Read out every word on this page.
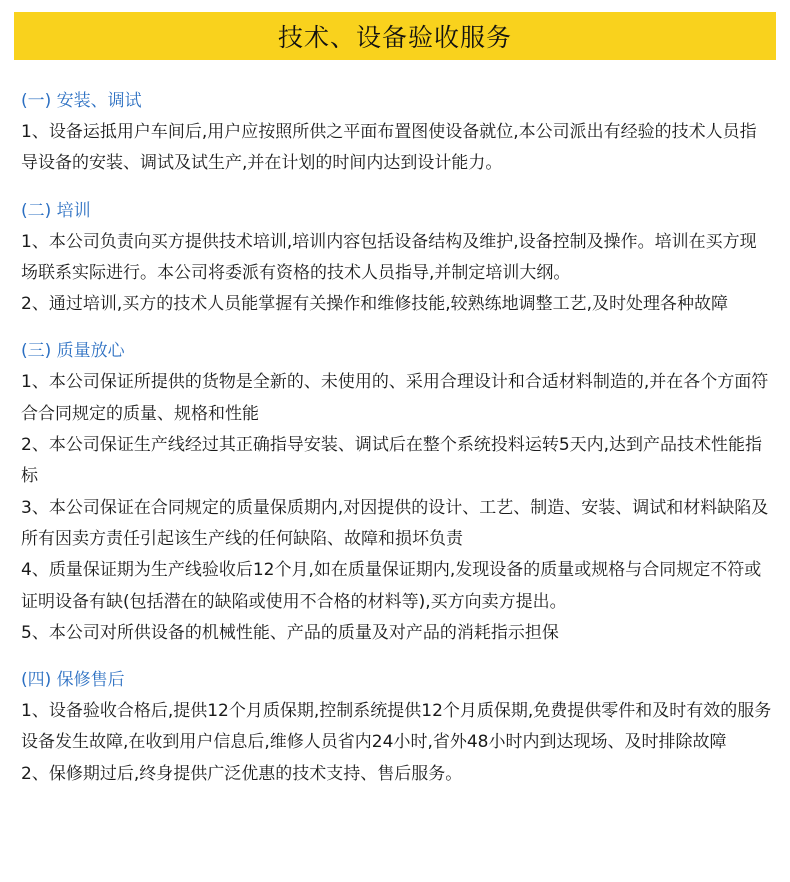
技术、设备验收服务
(一) 安装、调试
1、设备运抵用户车间后,用户应按照所供之平面布置图使设备就位,本公司派出有经验的技术人员指导设备的安装、调试及试生产,并在计划的时间内达到设计能力。
(二) 培训
1、本公司负责向买方提供技术培训,培训内容包括设备结构及维护,设备控制及操作。培训在买方现场联系实际进行。本公司将委派有资格的技术人员指导,并制定培训大纲。
2、通过培训,买方的技术人员能掌握有关操作和维修技能,较熟练地调整工艺,及时处理各种故障
(三) 质量放心
1、本公司保证所提供的货物是全新的、未使用的、采用合理设计和合适材料制造的,并在各个方面符合合同规定的质量、规格和性能
2、本公司保证生产线经过其正确指导安装、调试后在整个系统投料运转5天内,达到产品技术性能指标
3、本公司保证在合同规定的质量保质期内,对因提供的设计、工艺、制造、安装、调试和材料缺陷及所有因卖方责任引起该生产线的任何缺陷、故障和损坏负责
4、质量保证期为生产线验收后12个月,如在质量保证期内,发现设备的质量或规格与合同规定不符或证明设备有缺(包括潜在的缺陷或使用不合格的材料等),买方向卖方提出。
5、本公司对所供设备的机械性能、产品的质量及对产品的消耗指示担保
(四) 保修售后
1、设备验收合格后,提供12个月质保期,控制系统提供12个月质保期,免费提供零件和及时有效的服务设备发生故障,在收到用户信息后,维修人员省内24小时,省外48小时内到达现场、及时排除故障
2、保修期过后,终身提供广泛优惠的技术支持、售后服务。
